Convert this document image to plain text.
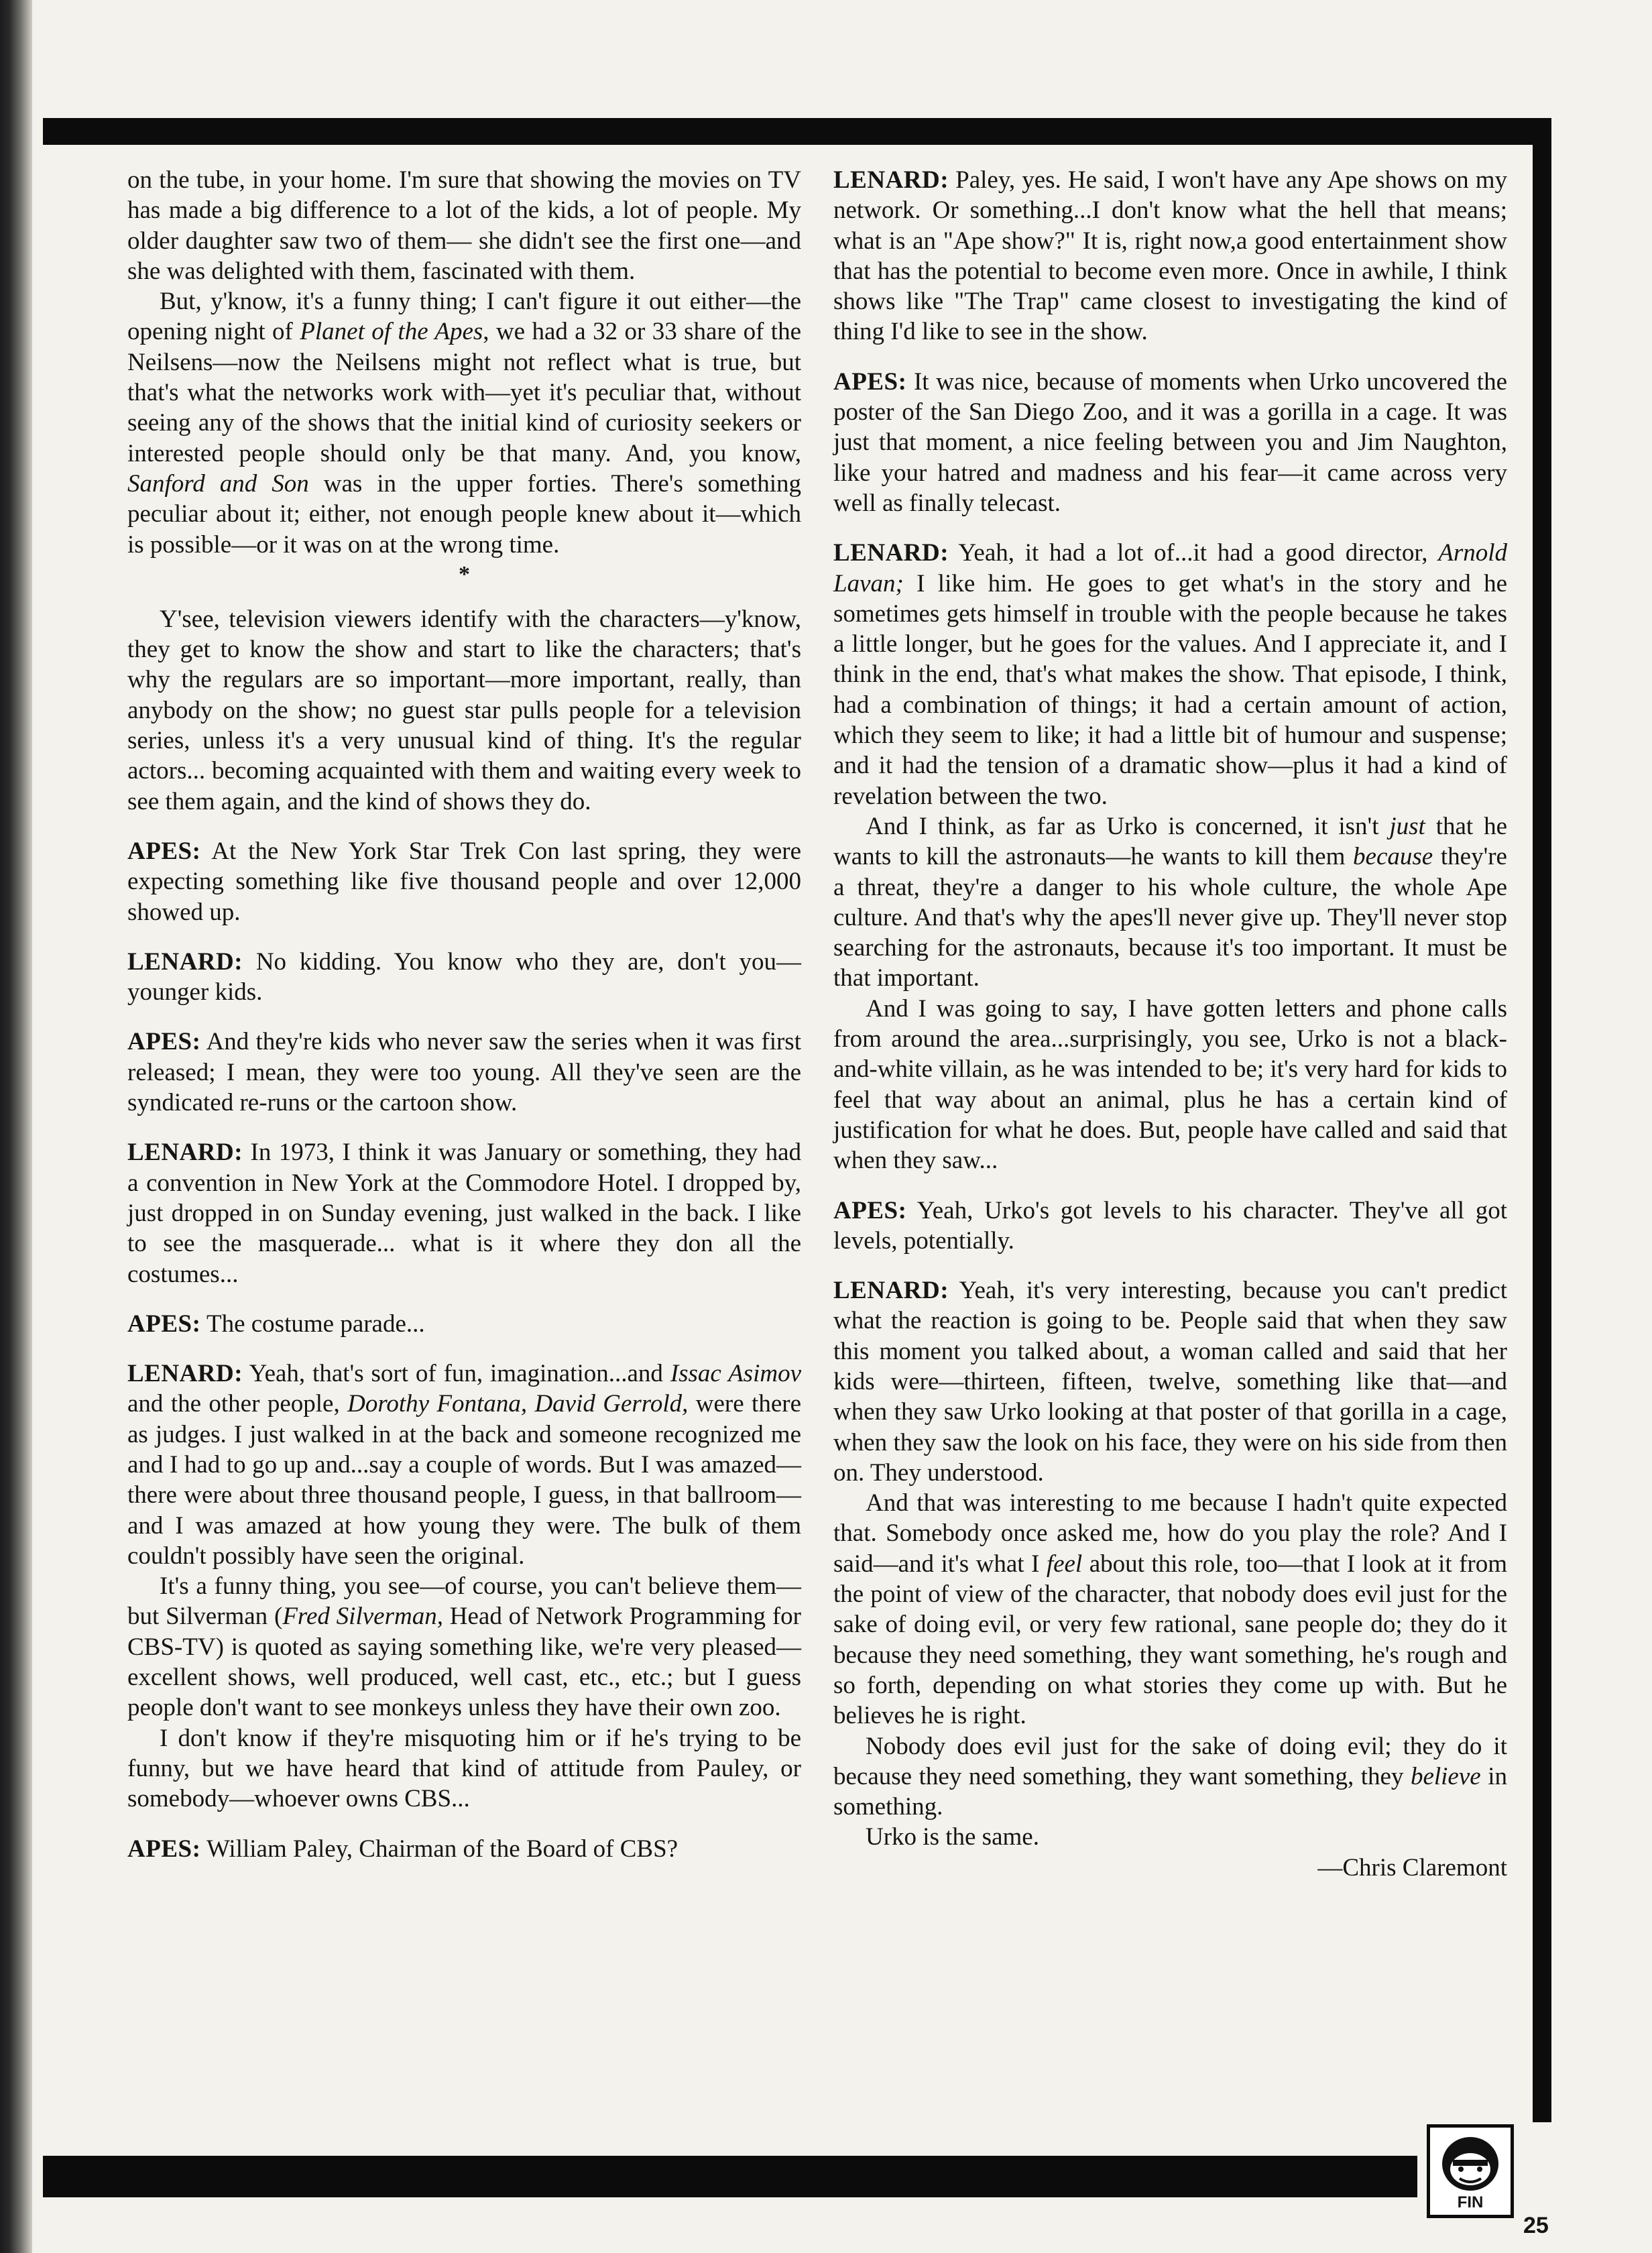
on the tube, in your home. I'm sure that showing the movies on TV has made a big difference to a lot of the kids, a lot of people. My older daughter saw two of them— she didn't see the first one—and she was delighted with them, fascinated with them.

But, y'know, it's a funny thing; I can't figure it out either—the opening night of Planet of the Apes, we had a 32 or 33 share of the Neilsens—now the Neilsens might not reflect what is true, but that's what the networks work with—yet it's peculiar that, without seeing any of the shows that the initial kind of curiosity seekers or interested people should only be that many. And, you know, Sanford and Son was in the upper forties. There's something peculiar about it; either, not enough people knew about it—which is possible—or it was on at the wrong time.

*

Y'see, television viewers identify with the characters—y'know, they get to know the show and start to like the characters; that's why the regulars are so important—more important, really, than anybody on the show; no guest star pulls people for a television series, unless it's a very unusual kind of thing. It's the regular actors... becoming acquainted with them and waiting every week to see them again, and the kind of shows they do.

APES: At the New York Star Trek Con last spring, they were expecting something like five thousand people and over 12,000 showed up.

LENARD: No kidding. You know who they are, don't you—younger kids.

APES: And they're kids who never saw the series when it was first released; I mean, they were too young. All they've seen are the syndicated re-runs or the cartoon show.

LENARD: In 1973, I think it was January or something, they had a convention in New York at the Commodore Hotel. I dropped by, just dropped in on Sunday evening, just walked in the back. I like to see the masquerade... what is it where they don all the costumes...

APES: The costume parade...

LENARD: Yeah, that's sort of fun, imagination...and Issac Asimov and the other people, Dorothy Fontana, David Gerrold, were there as judges. I just walked in at the back and someone recognized me and I had to go up and...say a couple of words. But I was amazed—there were about three thousand people, I guess, in that ballroom—and I was amazed at how young they were. The bulk of them couldn't possibly have seen the original.

It's a funny thing, you see—of course, you can't believe them—but Silverman (Fred Silverman, Head of Network Programming for CBS-TV) is quoted as saying something like, we're very pleased—excellent shows, well produced, well cast, etc., etc.; but I guess people don't want to see monkeys unless they have their own zoo.

I don't know if they're misquoting him or if he's trying to be funny, but we have heard that kind of attitude from Pauley, or somebody—whoever owns CBS...

APES: William Paley, Chairman of the Board of CBS?

LENARD: Paley, yes. He said, I won't have any Ape shows on my network. Or something...I don't know what the hell that means; what is an "Ape show?" It is, right now,a good entertainment show that has the potential to become even more. Once in awhile, I think shows like "The Trap" came closest to investigating the kind of thing I'd like to see in the show.

APES: It was nice, because of moments when Urko uncovered the poster of the San Diego Zoo, and it was a gorilla in a cage. It was just that moment, a nice feeling between you and Jim Naughton, like your hatred and madness and his fear—it came across very well as finally telecast.

LENARD: Yeah, it had a lot of...it had a good director, Arnold Lavan; I like him. He goes to get what's in the story and he sometimes gets himself in trouble with the people because he takes a little longer, but he goes for the values. And I appreciate it, and I think in the end, that's what makes the show. That episode, I think, had a combination of things; it had a certain amount of action, which they seem to like; it had a little bit of humour and suspense; and it had the tension of a dramatic show—plus it had a kind of revelation between the two.

And I think, as far as Urko is concerned, it isn't just that he wants to kill the astronauts—he wants to kill them because they're a threat, they're a danger to his whole culture, the whole Ape culture. And that's why the apes'll never give up. They'll never stop searching for the astronauts, because it's too important. It must be that important.

And I was going to say, I have gotten letters and phone calls from around the area...surprisingly, you see, Urko is not a black-and-white villain, as he was intended to be; it's very hard for kids to feel that way about an animal, plus he has a certain kind of justification for what he does. But, people have called and said that when they saw...

APES: Yeah, Urko's got levels to his character. They've all got levels, potentially.

LENARD: Yeah, it's very interesting, because you can't predict what the reaction is going to be. People said that when they saw this moment you talked about, a woman called and said that her kids were—thirteen, fifteen, twelve, something like that—and when they saw Urko looking at that poster of that gorilla in a cage, when they saw the look on his face, they were on his side from then on. They understood.

And that was interesting to me because I hadn't quite expected that. Somebody once asked me, how do you play the role? And I said—and it's what I feel about this role, too—that I look at it from the point of view of the character, that nobody does evil just for the sake of doing evil, or very few rational, sane people do; they do it because they need something, they want something, he's rough and so forth, depending on what stories they come up with. But he believes he is right.

Nobody does evil just for the sake of doing evil; they do it because they need something, they want something, they believe in something.

Urko is the same.

—Chris Claremont

FIN
25
